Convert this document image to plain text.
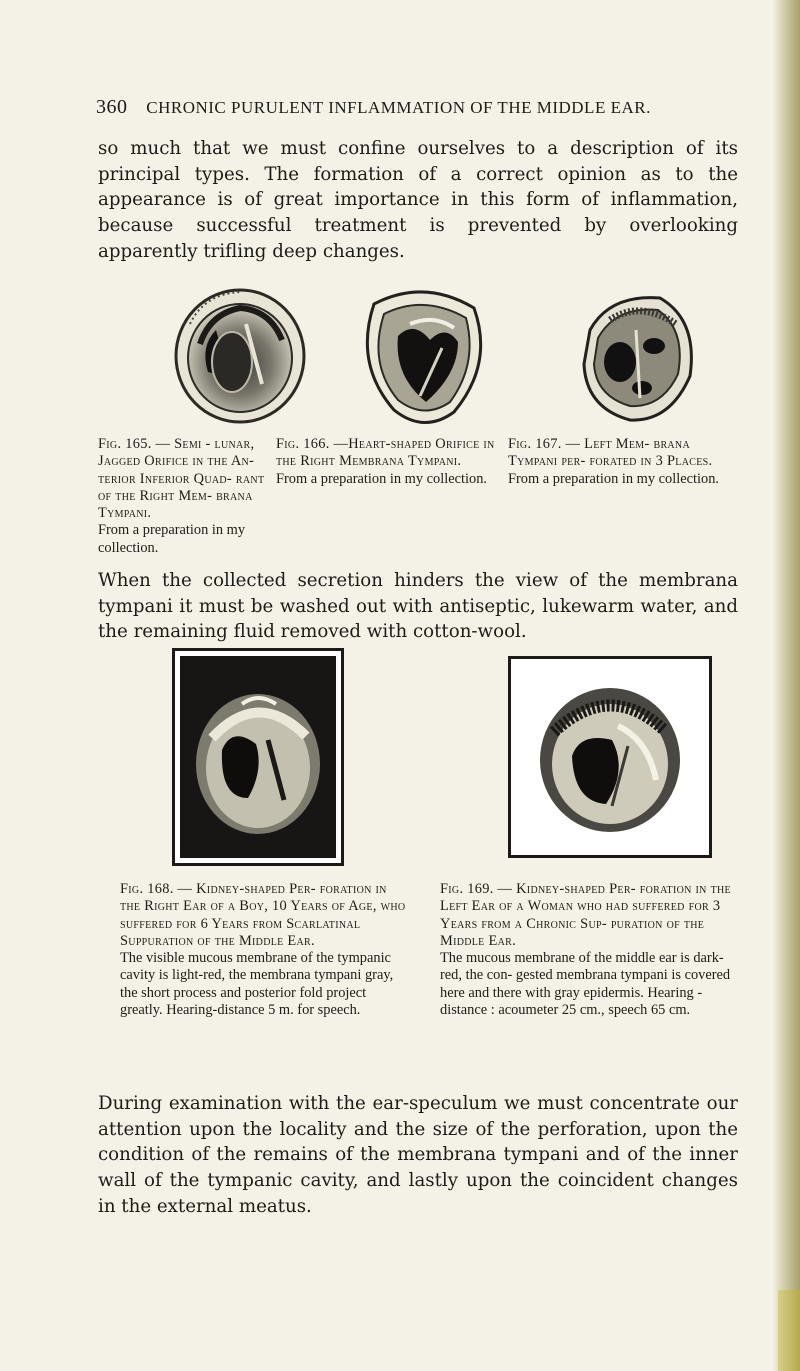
360 CHRONIC PURULENT INFLAMMATION OF THE MIDDLE EAR.

so much that we must confine ourselves to a description of its principal types. The formation of a correct opinion as to the appearance is of great importance in this form of inflammation, because successful treatment is prevented by overlooking apparently trifling deep changes.

Fig. 165. — Semi - lunar, Jagged Orifice in the An- terior Inferior Quad- rant of the Right Mem- brana Tympani.
From a preparation in my collection.
Fig. 166. —Heart-shaped Orifice in the Right Membrana Tympani.
From a preparation in my collection.
Fig. 167. — Left Mem- brana Tympani per- forated in 3 Places.
From a preparation in my collection.

When the collected secretion hinders the view of the membrana tympani it must be washed out with antiseptic, lukewarm water, and the remaining fluid removed with cotton-wool.

Fig. 168. — Kidney-shaped Per- foration in the Right Ear of a Boy, 10 Years of Age, who suffered for 6 Years from Scarlatinal Suppuration of the Middle Ear.
The visible mucous membrane of the tympanic cavity is light-red, the membrana tympani gray, the short process and posterior fold project greatly. Hearing-distance 5 m. for speech.
Fig. 169. — Kidney-shaped Per- foration in the Left Ear of a Woman who had suffered for 3 Years from a Chronic Sup- puration of the Middle Ear.
The mucous membrane of the middle ear is dark-red, the con- gested membrana tympani is covered here and there with gray epidermis. Hearing - distance : acoumeter 25 cm., speech 65 cm.

During examination with the ear-speculum we must concentrate our attention upon the locality and the size of the perforation, upon the condition of the remains of the membrana tympani and of the inner wall of the tympanic cavity, and lastly upon the coincident changes in the external meatus.
